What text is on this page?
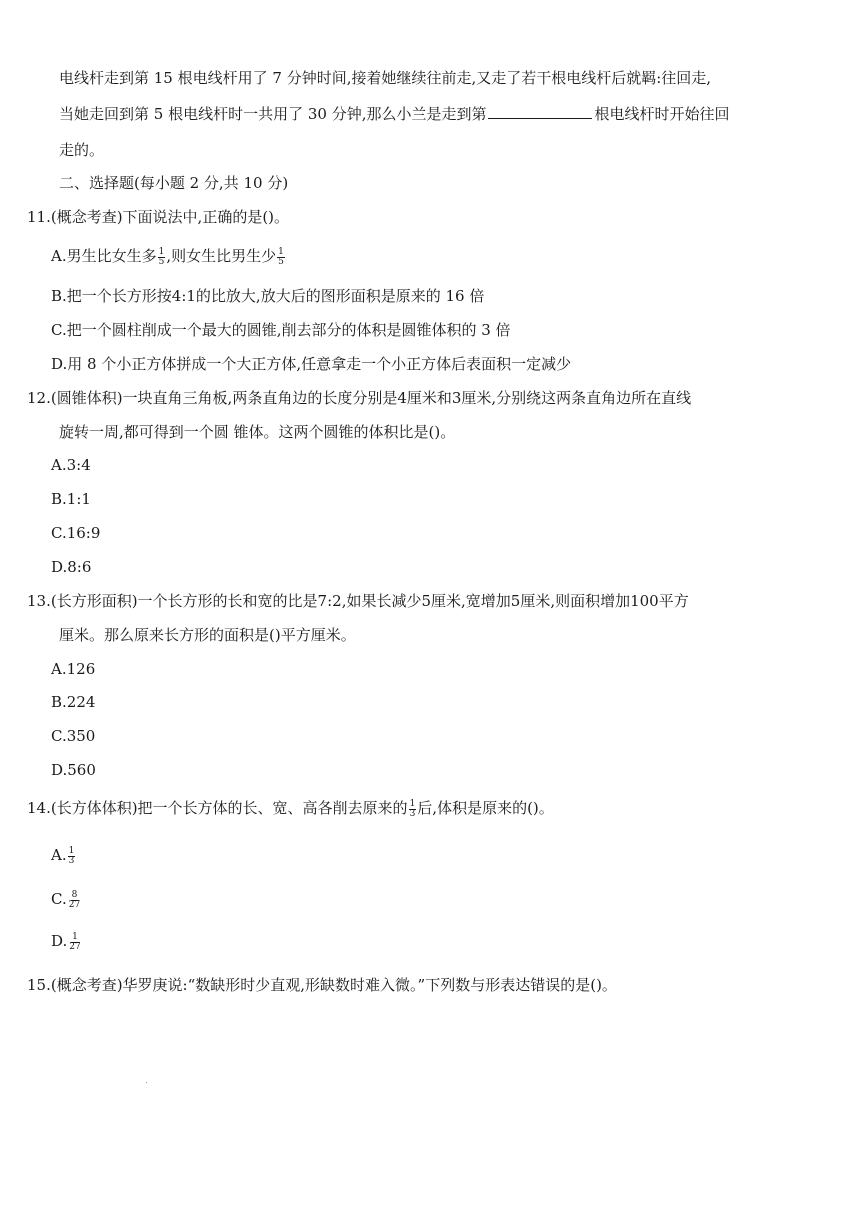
电线杆走到第 15 根电线杆用了 7 分钟时间,接着她继续往前走,又走了若干根电线杆后就羁:往回走,
当她走回到第 5 根电线杆时一共用了 30 分钟,那么小兰是走到第	根电线杆时开始往回
走的。
二、选择题(每小题 2 分,共 10 分)
11.(概念考查)下面说法中,正确的是()。
A.男生比女生多 $\frac{1}{5}$ ,则女生比男生少 $\frac{1}{5}$
B.把一个长方形按4:1的比放大,放大后的图形面积是原来的 16 倍
C.把一个圆柱削成一个最大的圆锥,削去部分的体积是圆锥体积的 3 倍
D.用 8 个小正方体拼成一个大正方体,任意拿走一个小正方体后表面积一定减少
12.(圆锥体积)一块直角三角板,两条直角边的长度分别是4厘米和3厘米,分别绕这两条直角边所在直线
旋转一周,都可得到一个圆 锥体。这两个圆锥的体积比是()。
A.3:4
B.1:1
C.16:9
D.8:6
13.(长方形面积)一个长方形的长和宽的比是7:2,如果长减少5厘米,宽增加5厘米,则面积增加100平方
厘米。那么原来长方形的面积是()平方厘米。
A.126
B.224
C.350
D.560
14.(长方体体积)把一个长方体的长、宽、高各削去原来的 $\frac{1}{3}$ 后,体积是原来的()。
A. $\frac{1}{3}$
C. $\frac{8}{27}$
D. $\frac{1}{27}$
15.(概念考查)华罗庚说:“数缺形时少直观,形缺数时难入微。”下列数与形表达错误的是()。
